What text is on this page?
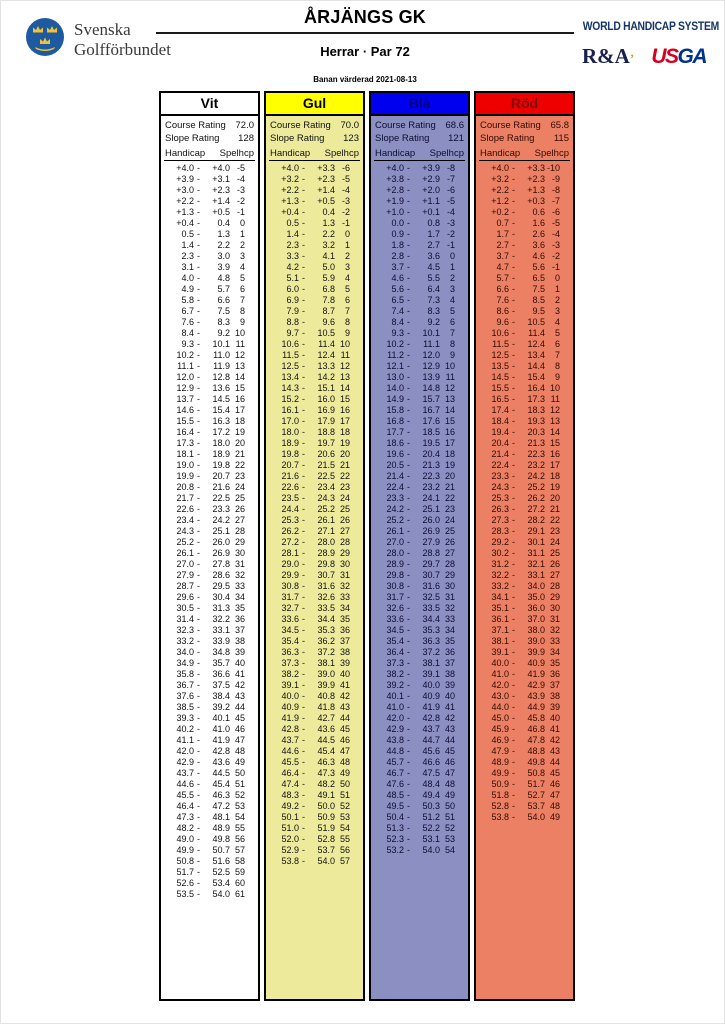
Svenska
Golfförbundet
ÅRJÄNGS GK
Herrar · Par 72
Banan värderad 2021-08-13
WORLD HANDICAP SYSTEM
R&A’ USGA
Vit
Course Rating 72.0
Slope Rating 128
Handicap Spelhcp
+4.0 -	+4.0 -5
+3.9 -	+3.1 -4
+3.0 -	+2.3 -3
+2.2 -	+1.4 -2
+1.3 -	+0.5 -1
+0.4 -	0.4	0
0.5 -	1.3	1
1.4 -	2.2	2
2.3 -	3.0	3
3.1 -	3.9	4
4.0 -	4.8	5
4.9 -	5.7	6
5.8 -	6.6	7
6.7 -	7.5	8
7.6 -	8.3	9
8.4 -	9.2 10
9.3 -	10.1 11
10.2 -	11.0 12
11.1 -	11.9 13
12.0 -	12.8 14
12.9 -	13.6 15
13.7 -	14.5 16
14.6 -	15.4 17
15.5 -	16.3 18
16.4 -	17.2 19
17.3 -	18.0 20
18.1 -	18.9 21
19.0 -	19.8 22
19.9 -	20.7 23
20.8 -	21.6 24
21.7 -	22.5 25
22.6 -	23.3 26
23.4 -	24.2 27
24.3 -	25.1 28
25.2 -	26.0 29
26.1 -	26.9 30
27.0 -	27.8 31
27.9 -	28.6 32
28.7 -	29.5 33
29.6 -	30.4 34
30.5 -	31.3 35
31.4 -	32.2 36
32.3 -	33.1 37
33.2 -	33.9 38
34.0 -	34.8 39
34.9 -	35.7 40
35.8 -	36.6 41
36.7 -	37.5 42
37.6 -	38.4 43
38.5 -	39.2 44
39.3 -	40.1 45
40.2 -	41.0 46
41.1 -	41.9 47
42.0 -	42.8 48
42.9 -	43.6 49
43.7 -	44.5 50
44.6 -	45.4 51
45.5 -	46.3 52
46.4 -	47.2 53
47.3 -	48.1 54
48.2 -	48.9 55
49.0 -	49.8 56
49.9 -	50.7 57
50.8 -	51.6 58
51.7 -	52.5 59
52.6 -	53.4 60
53.5 -	54.0 61
Gul
Course Rating 70.0
Slope Rating 123
Handicap Spelhcp
+4.0 -	+3.3 -6
+3.2 -	+2.3 -5
+2.2 -	+1.4 -4
+1.3 -	+0.5 -3
+0.4 -	0.4 -2
0.5 -	1.3 -1
1.4 -	2.2	0
2.3 -	3.2	1
3.3 -	4.1	2
4.2 -	5.0	3
5.1 -	5.9	4
6.0 -	6.8	5
6.9 -	7.8	6
7.9 -	8.7	7
8.8 -	9.6	8
9.7 -	10.5	9
10.6 -	11.4 10
11.5 -	12.4 11
12.5 -	13.3 12
13.4 -	14.2 13
14.3 -	15.1 14
15.2 -	16.0 15
16.1 -	16.9 16
17.0 -	17.9 17
18.0 -	18.8 18
18.9 -	19.7 19
19.8 -	20.6 20
20.7 -	21.5 21
21.6 -	22.5 22
22.6 -	23.4 23
23.5 -	24.3 24
24.4 -	25.2 25
25.3 -	26.1 26
26.2 -	27.1 27
27.2 -	28.0 28
28.1 -	28.9 29
29.0 -	29.8 30
29.9 -	30.7 31
30.8 -	31.6 32
31.7 -	32.6 33
32.7 -	33.5 34
33.6 -	34.4 35
34.5 -	35.3 36
35.4 -	36.2 37
36.3 -	37.2 38
37.3 -	38.1 39
38.2 -	39.0 40
39.1 -	39.9 41
40.0 -	40.8 42
40.9 -	41.8 43
41.9 -	42.7 44
42.8 -	43.6 45
43.7 -	44.5 46
44.6 -	45.4 47
45.5 -	46.3 48
46.4 -	47.3 49
47.4 -	48.2 50
48.3 -	49.1 51
49.2 -	50.0 52
50.1 -	50.9 53
51.0 -	51.9 54
52.0 -	52.8 55
52.9 -	53.7 56
53.8 -	54.0 57
Blå
Course Rating 68.6
Slope Rating 121
Handicap Spelhcp
+4.0 -	+3.9 -8
+3.8 -	+2.9 -7
+2.8 -	+2.0 -6
+1.9 -	+1.1 -5
+1.0 -	+0.1 -4
0.0 -	0.8 -3
0.9 -	1.7 -2
1.8 -	2.7 -1
2.8 -	3.6	0
3.7 -	4.5	1
4.6 -	5.5	2
5.6 -	6.4	3
6.5 -	7.3	4
7.4 -	8.3	5
8.4 -	9.2	6
9.3 -	10.1	7
10.2 -	11.1	8
11.2 -	12.0	9
12.1 -	12.9 10
13.0 -	13.9 11
14.0 -	14.8 12
14.9 -	15.7 13
15.8 -	16.7 14
16.8 -	17.6 15
17.7 -	18.5 16
18.6 -	19.5 17
19.6 -	20.4 18
20.5 -	21.3 19
21.4 -	22.3 20
22.4 -	23.2 21
23.3 -	24.1 22
24.2 -	25.1 23
25.2 -	26.0 24
26.1 -	26.9 25
27.0 -	27.9 26
28.0 -	28.8 27
28.9 -	29.7 28
29.8 -	30.7 29
30.8 -	31.6 30
31.7 -	32.5 31
32.6 -	33.5 32
33.6 -	34.4 33
34.5 -	35.3 34
35.4 -	36.3 35
36.4 -	37.2 36
37.3 -	38.1 37
38.2 -	39.1 38
39.2 -	40.0 39
40.1 -	40.9 40
41.0 -	41.9 41
42.0 -	42.8 42
42.9 -	43.7 43
43.8 -	44.7 44
44.8 -	45.6 45
45.7 -	46.6 46
46.7 -	47.5 47
47.6 -	48.4 48
48.5 -	49.4 49
49.5 -	50.3 50
50.4 -	51.2 51
51.3 -	52.2 52
52.3 -	53.1 53
53.2 -	54.0 54
Röd
Course Rating 65.8
Slope Rating 115
Handicap Spelhcp
+4.0 -	+3.3 -10
+3.2 -	+2.3 -9
+2.2 -	+1.3 -8
+1.2 -	+0.3 -7
+0.2 -	0.6 -6
0.7 -	1.6 -5
1.7 -	2.6 -4
2.7 -	3.6 -3
3.7 -	4.6 -2
4.7 -	5.6 -1
5.7 -	6.5	0
6.6 -	7.5	1
7.6 -	8.5	2
8.6 -	9.5	3
9.6 -	10.5	4
10.6 -	11.4	5
11.5 -	12.4	6
12.5 -	13.4	7
13.5 -	14.4	8
14.5 -	15.4	9
15.5 -	16.4 10
16.5 -	17.3 11
17.4 -	18.3 12
18.4 -	19.3 13
19.4 -	20.3 14
20.4 -	21.3 15
21.4 -	22.3 16
22.4 -	23.2 17
23.3 -	24.2 18
24.3 -	25.2 19
25.3 -	26.2 20
26.3 -	27.2 21
27.3 -	28.2 22
28.3 -	29.1 23
29.2 -	30.1 24
30.2 -	31.1 25
31.2 -	32.1 26
32.2 -	33.1 27
33.2 -	34.0 28
34.1 -	35.0 29
35.1 -	36.0 30
36.1 -	37.0 31
37.1 -	38.0 32
38.1 -	39.0 33
39.1 -	39.9 34
40.0 -	40.9 35
41.0 -	41.9 36
42.0 -	42.9 37
43.0 -	43.9 38
44.0 -	44.9 39
45.0 -	45.8 40
45.9 -	46.8 41
46.9 -	47.8 42
47.9 -	48.8 43
48.9 -	49.8 44
49.9 -	50.8 45
50.9 -	51.7 46
51.8 -	52.7 47
52.8 -	53.7 48
53.8 -	54.0 49
